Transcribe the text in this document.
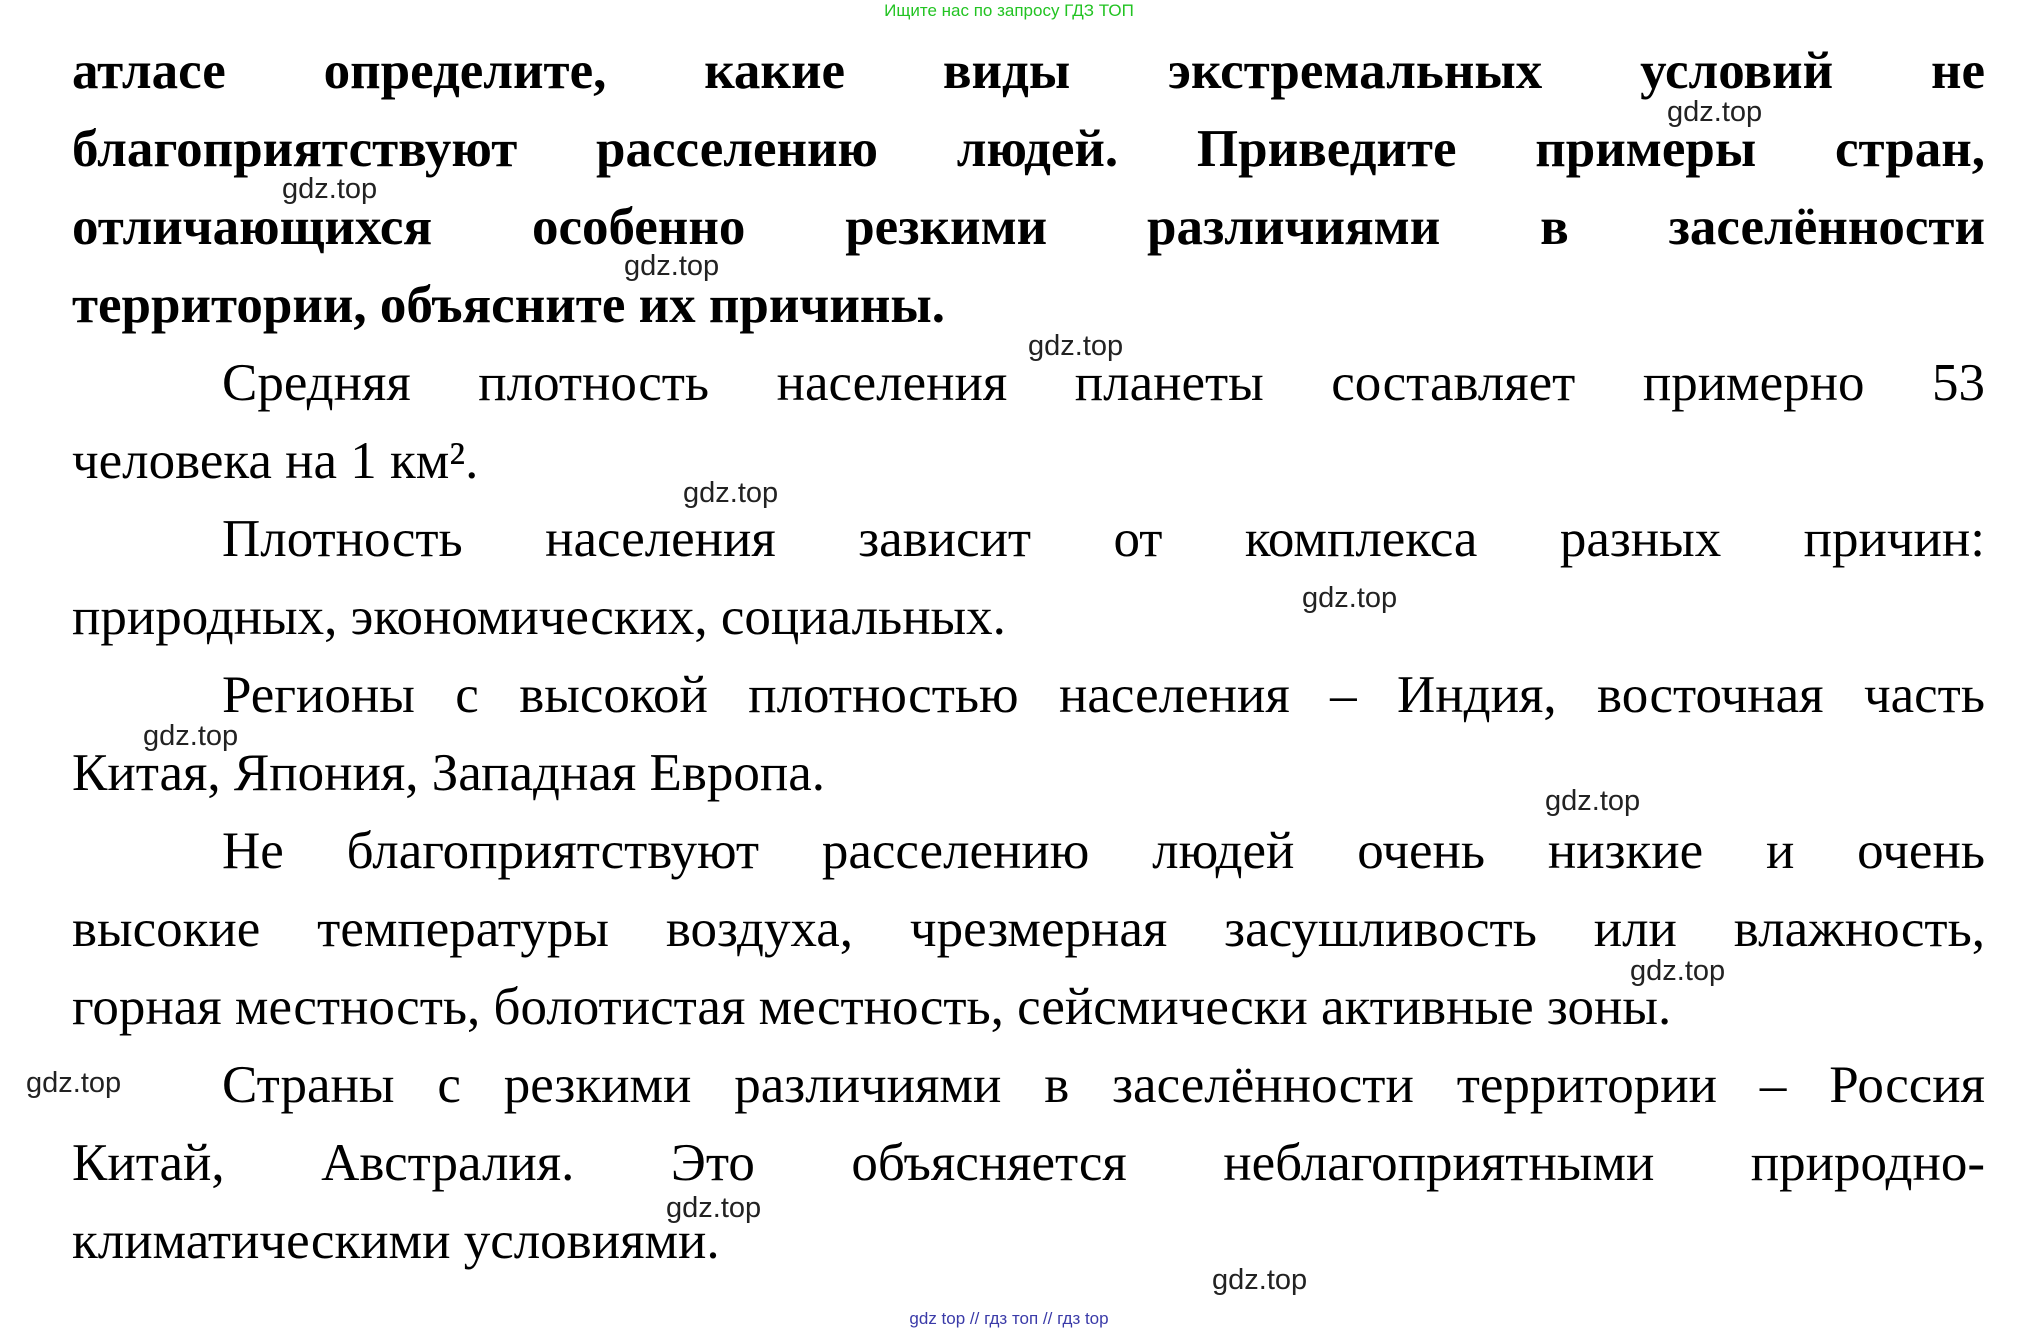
Ищите нас по запросу ГДЗ ТОП
атласе определите, какие виды экстремальных условий не
благоприятствуют расселению людей. Приведите примеры стран,
отличающихся особенно резкими различиями в заселённости
территории, объясните их причины.
Средняя плотность населения планеты составляет примерно 53
человека на 1 км².
Плотность населения зависит от комплекса разных причин:
природных, экономических, социальных.
Регионы с высокой плотностью населения – Индия, восточная часть
Китая, Япония, Западная Европа.
Не благоприятствуют расселению людей очень низкие и очень
высокие температуры воздуха, чрезмерная засушливость или влажность,
горная местность, болотистая местность, сейсмически активные зоны.
Страны с резкими различиями в заселённости территории – Россия
Китай, Австралия. Это объясняется неблагоприятными природно-
климатическими условиями.
gdz.top
gdz.top
gdz.top
gdz.top
gdz.top
gdz.top
gdz.top
gdz.top
gdz.top
gdz.top
gdz.top
gdz.top
gdz top // гдз топ // гдз top
